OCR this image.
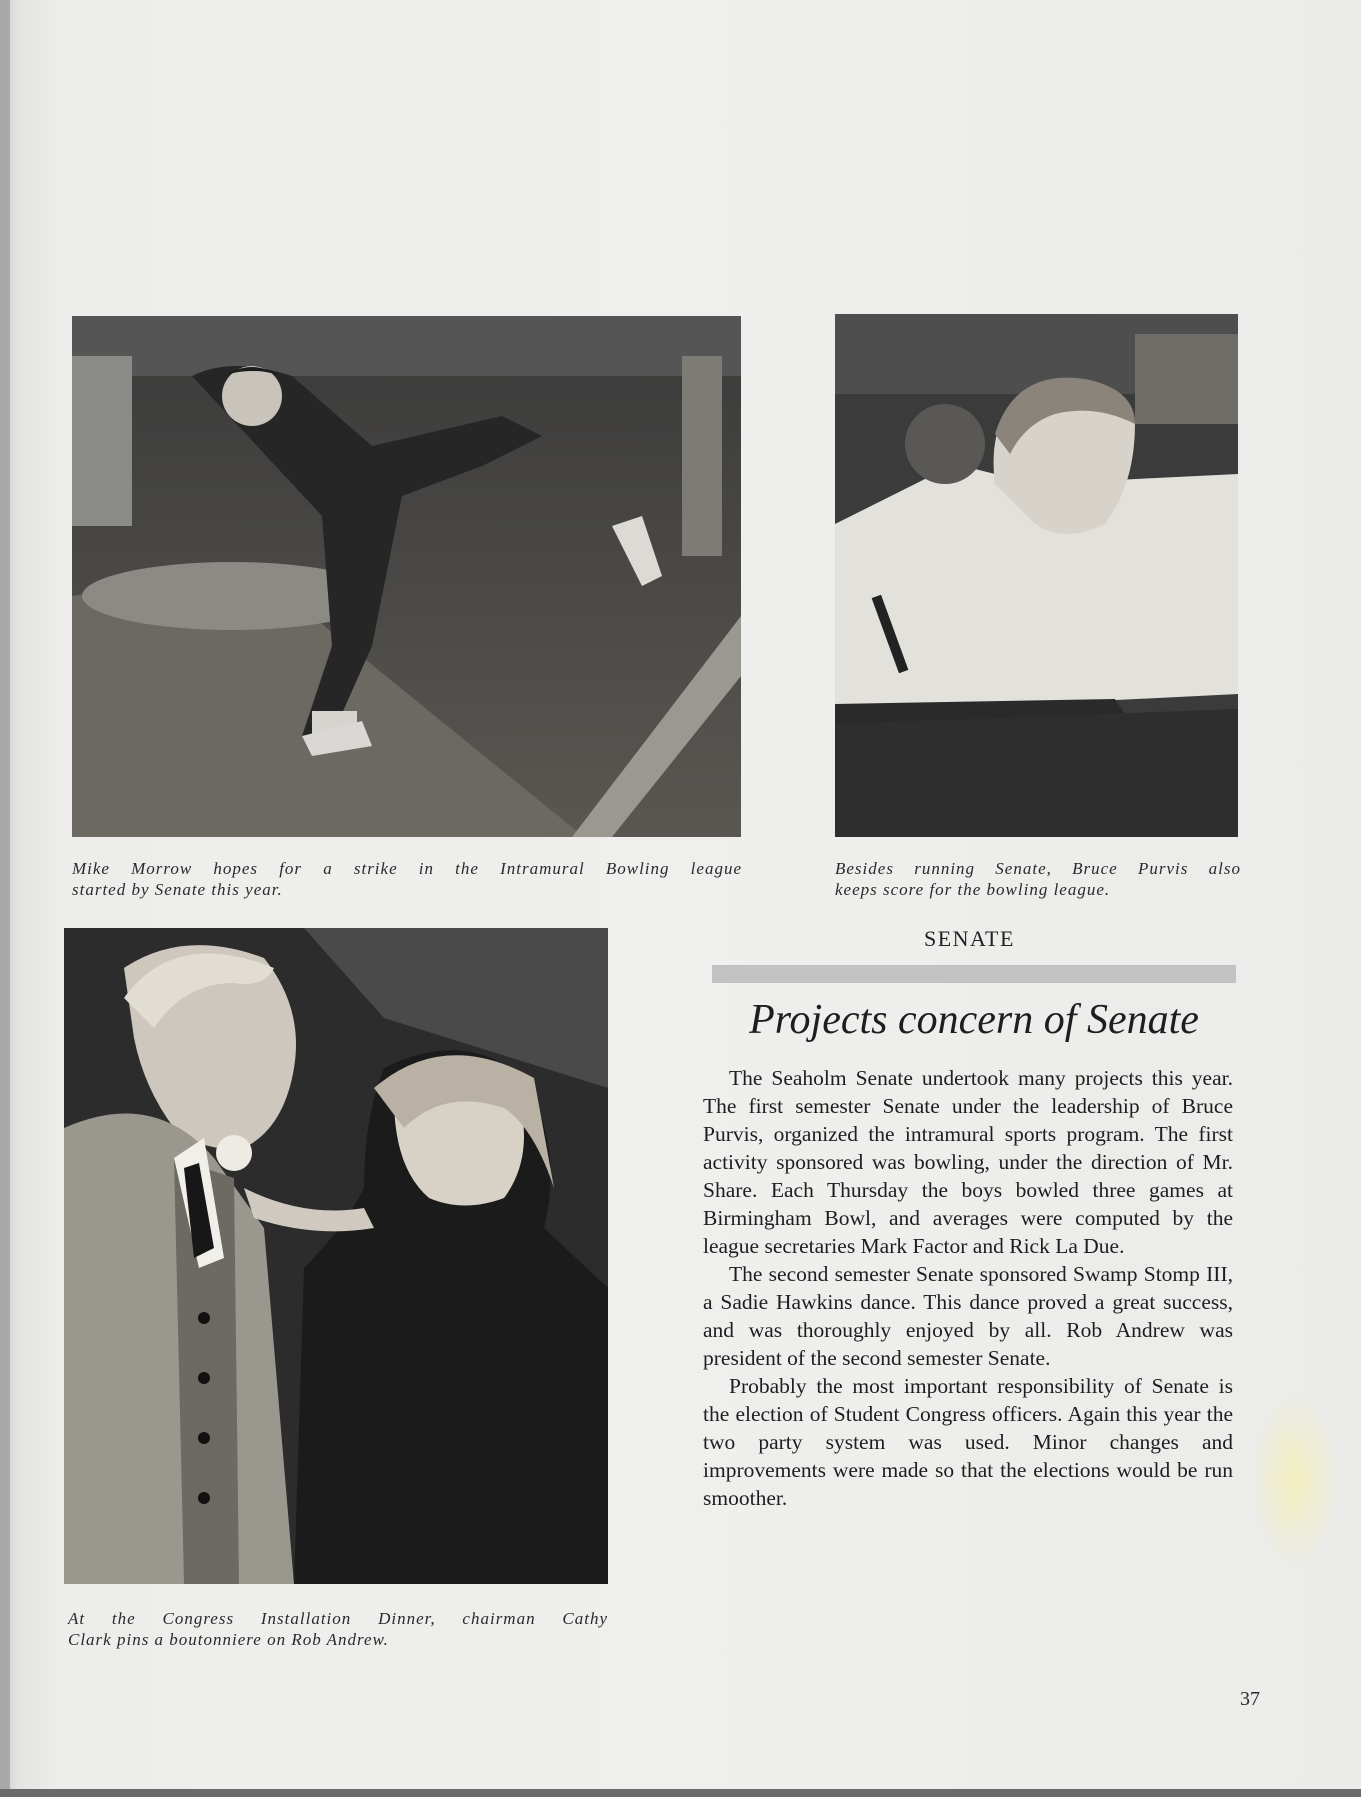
Mike Morrow hopes for a strike in the Intramural Bowling league
started by Senate this year.
Besides running Senate, Bruce Purvis also
keeps score for the bowling league.
At the Congress Installation Dinner, chairman Cathy
Clark pins a boutonniere on Rob Andrew.
SENATE
Projects concern of Senate

The Seaholm Senate undertook many projects this year. The first semester Senate under the leadership of Bruce Purvis, organized the intramural sports program. The first activity sponsored was bowling, under the direction of Mr. Share. Each Thursday the boys bowled three games at Birmingham Bowl, and averages were computed by the league secretaries Mark Factor and Rick La Due.

The second semester Senate sponsored Swamp Stomp III, a Sadie Hawkins dance. This dance proved a great success, and was thoroughly enjoyed by all. Rob Andrew was president of the second semester Senate.

Probably the most important responsibility of Senate is the election of Student Congress officers. Again this year the two party system was used. Minor changes and improvements were made so that the elections would be run smoother.

37
